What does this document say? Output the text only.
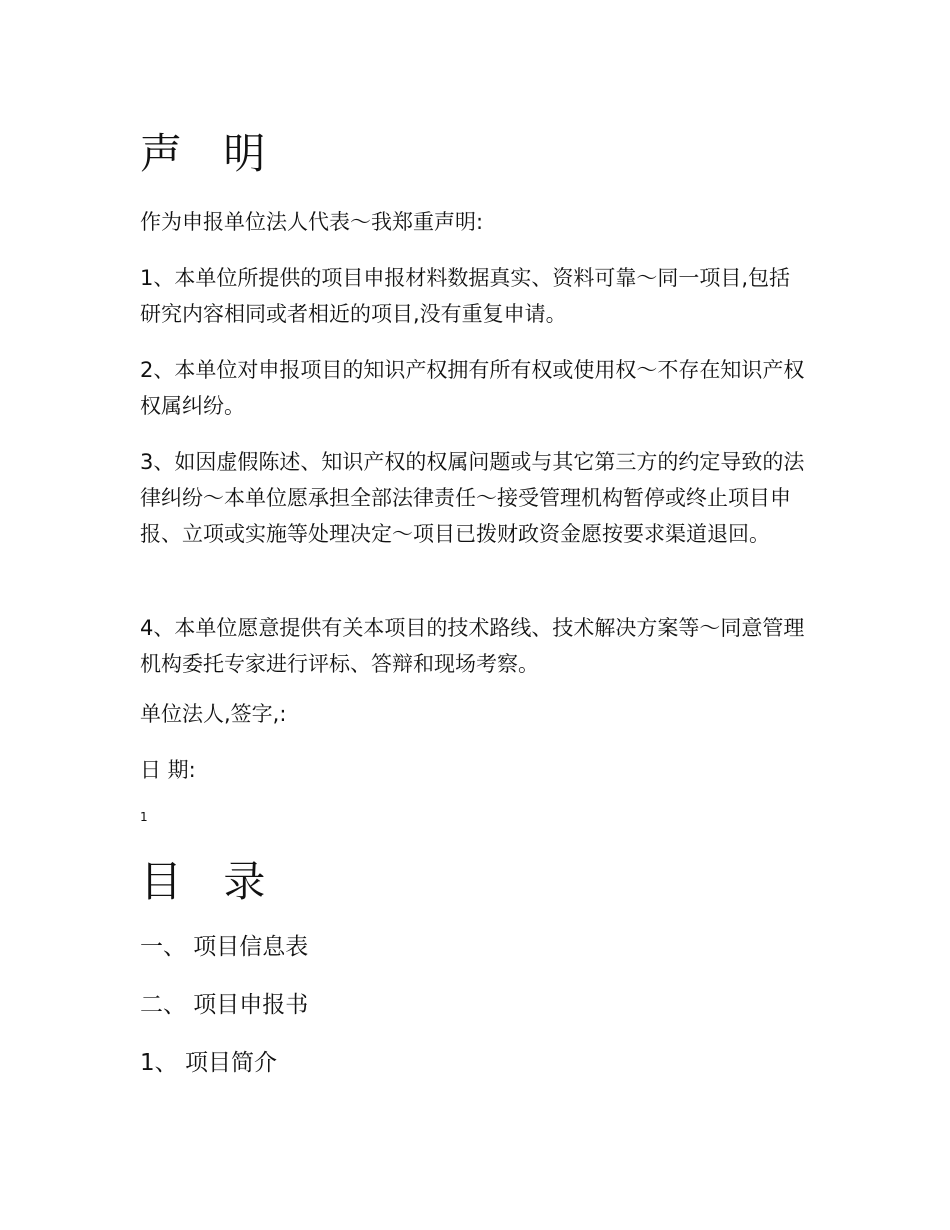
声 明

作为申报单位法人代表～我郑重声明:

1、本单位所提供的项目申报材料数据真实、资料可靠～同一项目,包括研究内容相同或者相近的项目,没有重复申请。

2、本单位对申报项目的知识产权拥有所有权或使用权～不存在知识产权权属纠纷。

3、如因虚假陈述、知识产权的权属问题或与其它第三方的约定导致的法律纠纷～本单位愿承担全部法律责任～接受管理机构暂停或终止项目申报、立项或实施等处理决定～项目已拨财政资金愿按要求渠道退回。

4、本单位愿意提供有关本项目的技术路线、技术解决方案等～同意管理机构委托专家进行评标、答辩和现场考察。

单位法人,签字,:

日 期:

1
目 录
一、 项目信息表
二、 项目申报书
1、 项目简介
